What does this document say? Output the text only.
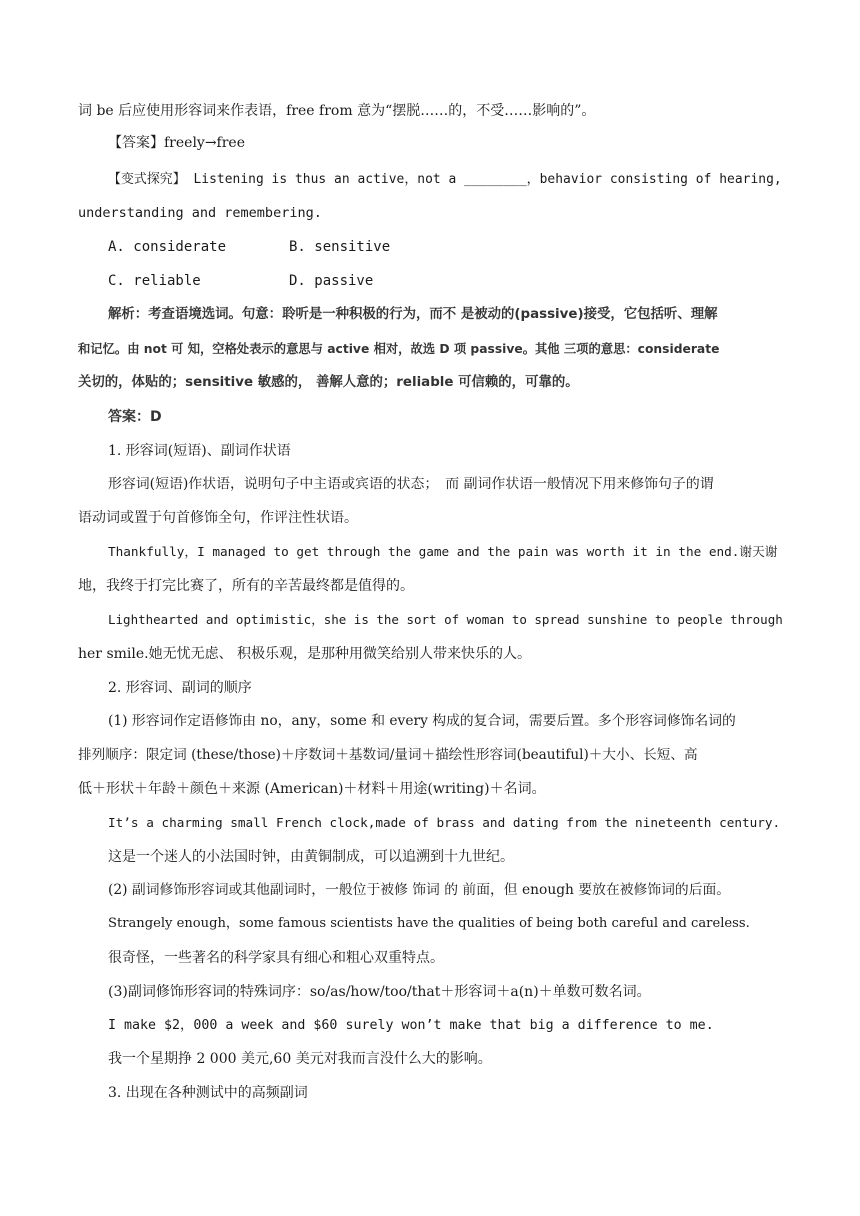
词 be 后应使用形容词来作表语，free from 意为“摆脱……的，不受……影响的”。
【答案】freely→free
【变式探究】 Listening is thus an active，not a ________，behavior consisting of hearing,
understanding and remembering.
A. considerate	B. sensitive
C. reliable	D. passive
解析：考查语境选词。句意：聆听是一种积极的行为，而不 是被动的(passive)接受，它包括听、理解
和记忆。由 not 可 知，空格处表示的意思与 active 相对，故选 D 项 passive。其他 三项的意思：considerate
关切的，体贴的；sensitive 敏感的， 善解人意的；reliable 可信赖的，可靠的。
答案：D
1. 形容词(短语)、副词作状语
形容词(短语)作状语，说明句子中主语或宾语的状态；　而 副词作状语一般情况下用来修饰句子的谓
语动词或置于句首修饰全句，作评注性状语。
Thankfully，I managed to get through the game and the pain was worth it in the end.谢天谢
地，我终于打完比赛了，所有的辛苦最终都是值得的。
Lighthearted and optimistic，she is the sort of woman to spread sunshine to people through
her smile.她无忧无虑、 积极乐观，是那种用微笑给别人带来快乐的人。
2. 形容词、副词的顺序
(1) 形容词作定语修饰由 no，any，some 和 every 构成的复合词，需要后置。多个形容词修饰名词的
排列顺序：限定词 (these/those)＋序数词＋基数词/量词＋描绘性形容词(beautiful)＋大小、长短、高
低＋形状＋年龄＋颜色＋来源 (American)＋材料＋用途(writing)＋名词。
It’s a charming small French clock,made of brass and dating from the nineteenth century.
这是一个迷人的小法国时钟，由黄铜制成，可以追溯到十九世纪。
(2) 副词修饰形容词或其他副词时，一般位于被修 饰词 的 前面，但 enough 要放在被修饰词的后面。
Strangely enough，some famous scientists have the qualities of being both careful and careless.
很奇怪，一些著名的科学家具有细心和粗心双重特点。
(3)副词修饰形容词的特殊词序：so/as/how/too/that＋形容词＋a(n)＋单数可数名词。
I make $2，000 a week and $60 surely won’t make that big a difference to me.
我一个星期挣 2 000 美元,60 美元对我而言没什么大的影响。
3. 出现在各种测试中的高频副词
